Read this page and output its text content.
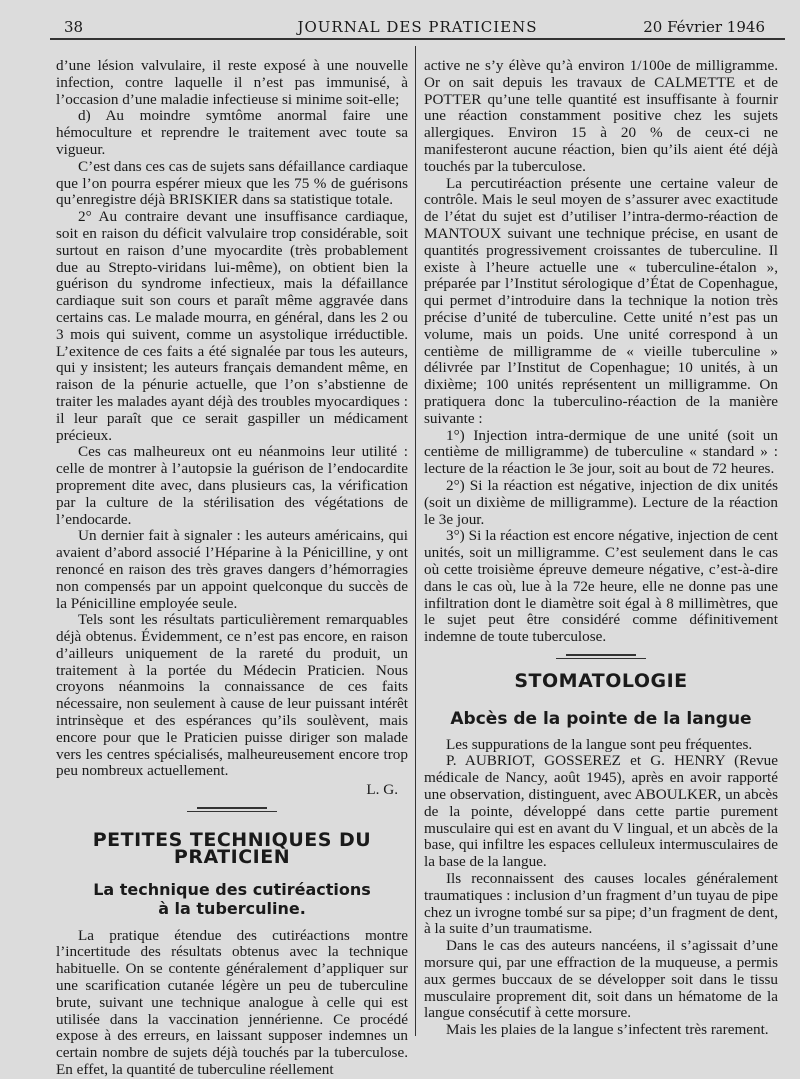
38	JOURNAL DES PRATICIENS	20 Février 1946

d’une lésion valvulaire, il reste exposé à une nouvelle infection, contre laquelle il n’est pas immunisé, à l’occasion d’une maladie infectieuse si minime soit-elle;

d) Au moindre symtôme anormal faire une hémoculture et reprendre le traitement avec toute sa vigueur.

C’est dans ces cas de sujets sans défaillance cardiaque que l’on pourra espérer mieux que les 75 % de guérisons qu’enregistre déjà BRISKIER dans sa statistique totale.

2° Au contraire devant une insuffisance cardiaque, soit en raison du déficit valvulaire trop considérable, soit surtout en raison d’une myocardite (très probablement due au Strepto-viridans lui-même), on obtient bien la guérison du syndrome infectieux, mais la défaillance cardiaque suit son cours et paraît même aggravée dans certains cas. Le malade mourra, en général, dans les 2 ou 3 mois qui suivent, comme un asystolique irréductible. L’exitence de ces faits a été signalée par tous les auteurs, qui y insistent; les auteurs français demandent même, en raison de la pénurie actuelle, que l’on s’abstienne de traiter les malades ayant déjà des troubles myocardiques : il leur paraît que ce serait gaspiller un médicament précieux.

Ces cas malheureux ont eu néanmoins leur utilité : celle de montrer à l’autopsie la guérison de l’endocardite proprement dite avec, dans plusieurs cas, la vérification par la culture de la stérilisation des végétations de l’endocarde.

Un dernier fait à signaler : les auteurs américains, qui avaient d’abord associé l’Héparine à la Pénicilline, y ont renoncé en raison des très graves dangers d’hémorragies non compensés par un appoint quelconque du succès de la Pénicilline employée seule.

Tels sont les résultats particulièrement remarquables déjà obtenus. Évidemment, ce n’est pas encore, en raison d’ailleurs uniquement de la rareté du produit, un traitement à la portée du Médecin Praticien. Nous croyons néanmoins la connaissance de ces faits nécessaire, non seulement à cause de leur puissant intérêt intrinsèque et des espérances qu’ils soulèvent, mais encore pour que le Praticien puisse diriger son malade vers les centres spécialisés, malheureusement encore trop peu nombreux actuellement.

L. G.

PETITES TECHNIQUES DU PRATICIEN
La technique des cutiréactions
à la tuberculine.

La pratique étendue des cutiréactions montre l’incertitude des résultats obtenus avec la technique habituelle. On se contente généralement d’appliquer sur une scarification cutanée légère un peu de tuberculine brute, suivant une technique analogue à celle qui est utilisée dans la vaccination jennérienne. Ce procédé expose à des erreurs, en laissant supposer indemnes un certain nombre de sujets déjà touchés par la tuberculose. En effet, la quantité de tuberculine réellement

active ne s’y élève qu’à environ 1/100e de milligramme. Or on sait depuis les travaux de CALMETTE et de POTTER qu’une telle quantité est insuffisante à fournir une réaction constamment positive chez les sujets allergiques. Environ 15 à 20 % de ceux-ci ne manifesteront aucune réaction, bien qu’ils aient été déjà touchés par la tuberculose.

La percutiréaction présente une certaine valeur de contrôle. Mais le seul moyen de s’assurer avec exactitude de l’état du sujet est d’utiliser l’intra-dermo-réaction de MANTOUX suivant une technique précise, en usant de quantités progressivement croissantes de tuberculine. Il existe à l’heure actuelle une « tuberculine-étalon », préparée par l’Institut sérologique d’État de Copenhague, qui permet d’introduire dans la technique la notion très précise d’unité de tuberculine. Cette unité n’est pas un volume, mais un poids. Une unité correspond à un centième de milligramme de « vieille tuberculine » délivrée par l’Institut de Copenhague; 10 unités, à un dixième; 100 unités représentent un milligramme. On pratiquera donc la tuberculino-réaction de la manière suivante :

1°) Injection intra-dermique de une unité (soit un centième de milligramme) de tuberculine « standard » : lecture de la réaction le 3e jour, soit au bout de 72 heures.

2°) Si la réaction est négative, injection de dix unités (soit un dixième de milligramme). Lecture de la réaction le 3e jour.

3°) Si la réaction est encore négative, injection de cent unités, soit un milligramme. C’est seulement dans le cas où cette troisième épreuve demeure négative, c’est-à-dire dans le cas où, lue à la 72e heure, elle ne donne pas une infiltration dont le diamètre soit égal à 8 millimètres, que le sujet peut être considéré comme définitivement indemne de toute tuberculose.

STOMATOLOGIE
Abcès de la pointe de la langue

Les suppurations de la langue sont peu fréquentes.

P. AUBRIOT, GOSSEREZ et G. HENRY (Revue médicale de Nancy, août 1945), après en avoir rapporté une observation, distinguent, avec ABOULKER, un abcès de la pointe, développé dans cette partie purement musculaire qui est en avant du V lingual, et un abcès de la base, qui infiltre les espaces celluleux intermusculaires de la base de la langue.

Ils reconnaissent des causes locales généralement traumatiques : inclusion d’un fragment d’un tuyau de pipe chez un ivrogne tombé sur sa pipe; d’un fragment de dent, à la suite d’un traumatisme.

Dans le cas des auteurs nancéens, il s’agissait d’une morsure qui, par une effraction de la muqueuse, a permis aux germes buccaux de se développer soit dans le tissu musculaire proprement dit, soit dans un hématome de la langue consécutif à cette morsure.

Mais les plaies de la langue s’infectent très rarement.
